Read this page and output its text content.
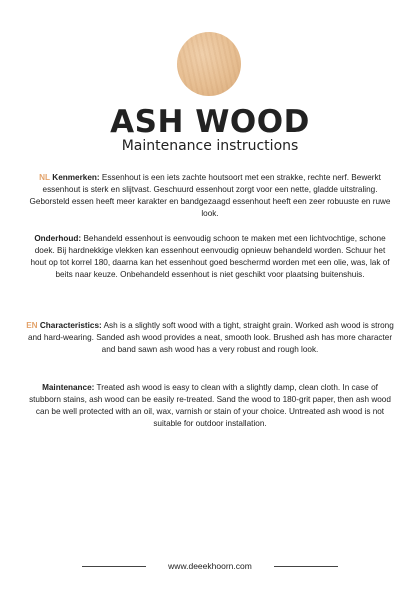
ASH WOOD
Maintenance instructions
NL Kenmerken: Essenhout is een iets zachte houtsoort met een strakke, rechte nerf. Bewerkt essenhout is sterk en slijtvast. Geschuurd essenhout zorgt voor een nette, gladde uitstraling. Geborsteld essen heeft meer karakter en bandgezaagd essenhout heeft een zeer robuuste en ruwe look.
Onderhoud: Behandeld essenhout is eenvoudig schoon te maken met een lichtvochtige, schone doek. Bij hardnekkige vlekken kan essenhout eenvoudig opnieuw behandeld worden. Schuur het hout op tot korrel 180, daarna kan het essenhout goed beschermd worden met een olie, was, lak of beits naar keuze. Onbehandeld essenhout is niet geschikt voor plaatsing buitenshuis.
EN Characteristics: Ash is a slightly soft wood with a tight, straight grain. Worked ash wood is strong and hard-wearing. Sanded ash wood provides a neat, smooth look. Brushed ash has more character and band sawn ash wood has a very robust and rough look.
Maintenance: Treated ash wood is easy to clean with a slightly damp, clean cloth. In case of stubborn stains, ash wood can be easily re-treated. Sand the wood to 180-grit paper, then ash wood can be well protected with an oil, wax, varnish or stain of your choice. Untreated ash wood is not suitable for outdoor installation.
www.deeekhoorn.com
